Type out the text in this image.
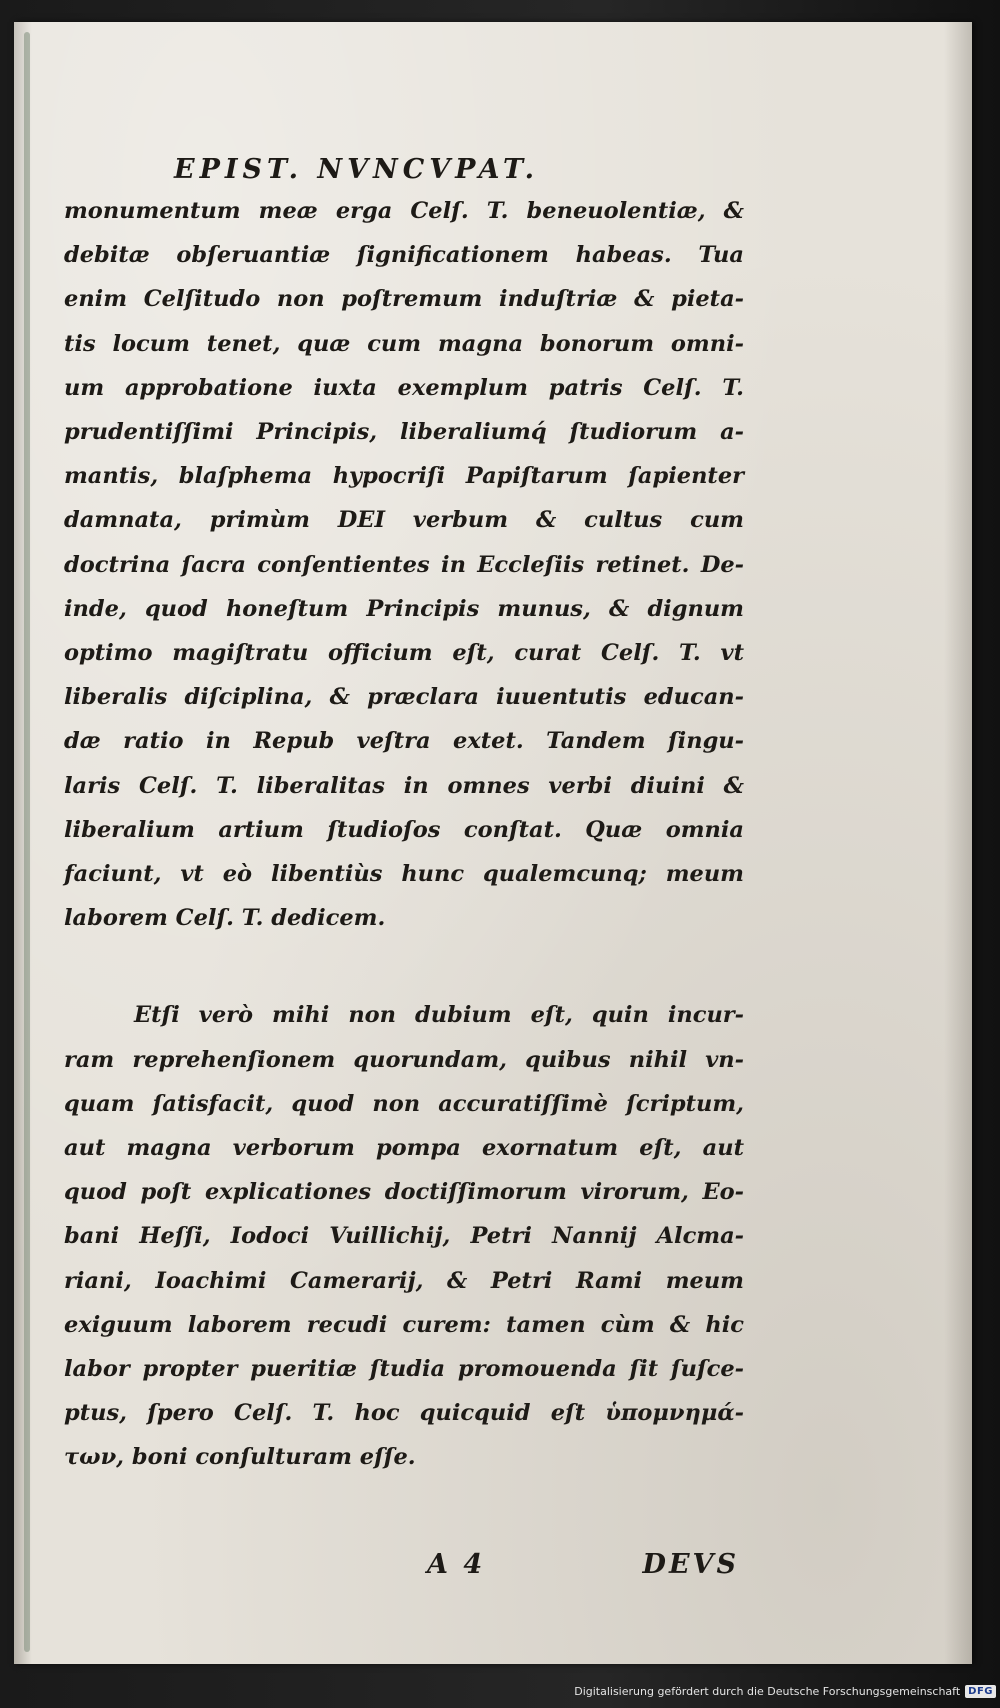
EPIST. NVNCVPAT.
monumentum meæ erga Celſ. T. beneuolentiæ, &
debitæ obſeruantiæ ſignificationem habeas. Tua
enim Celſitudo non poſtremum induſtriæ & pieta-
tis locum tenet, quæ cum magna bonorum omni-
um approbatione iuxta exemplum patris Celſ. T.
prudentiſſimi Principis, liberaliumq́ ſtudiorum a-
mantis, blaſphema hypocriſi Papiſtarum ſapienter
damnata, primùm DEI verbum & cultus cum
doctrina ſacra conſentientes in Eccleſiis retinet. De-
inde, quod honeſtum Principis munus, & dignum
optimo magiſtratu officium eſt, curat Celſ. T. vt
liberalis diſciplina, & præclara iuuentutis educan-
dæ ratio in Repub veſtra extet. Tandem ſingu-
laris Celſ. T. liberalitas in omnes verbi diuini &
liberalium artium ſtudioſos conſtat. Quæ omnia
faciunt, vt eò libentiùs hunc qualemcunq; meum
laborem Celſ. T. dedicem.
Etſi verò mihi non dubium eſt, quin incur-
ram reprehenſionem quorundam, quibus nihil vn-
quam ſatisfacit, quod non accuratiſſimè ſcriptum,
aut magna verborum pompa exornatum eſt, aut
quod poſt explicationes doctiſſimorum virorum, Eo-
bani Heſſi, Iodoci Vuillichij, Petri Nannij Alcma-
riani, Ioachimi Camerarij, & Petri Rami meum
exiguum laborem recudi curem: tamen cùm & hic
labor propter pueritiæ ſtudia promouenda ſit ſuſce-
ptus, ſpero Celſ. T. hoc quicquid eſt ὑπομνημά-
των, boni conſulturam eſſe.
A 4	DEVS
Digitalisierung gefördert durch die Deutsche Forschungsgemeinschaft DFG
